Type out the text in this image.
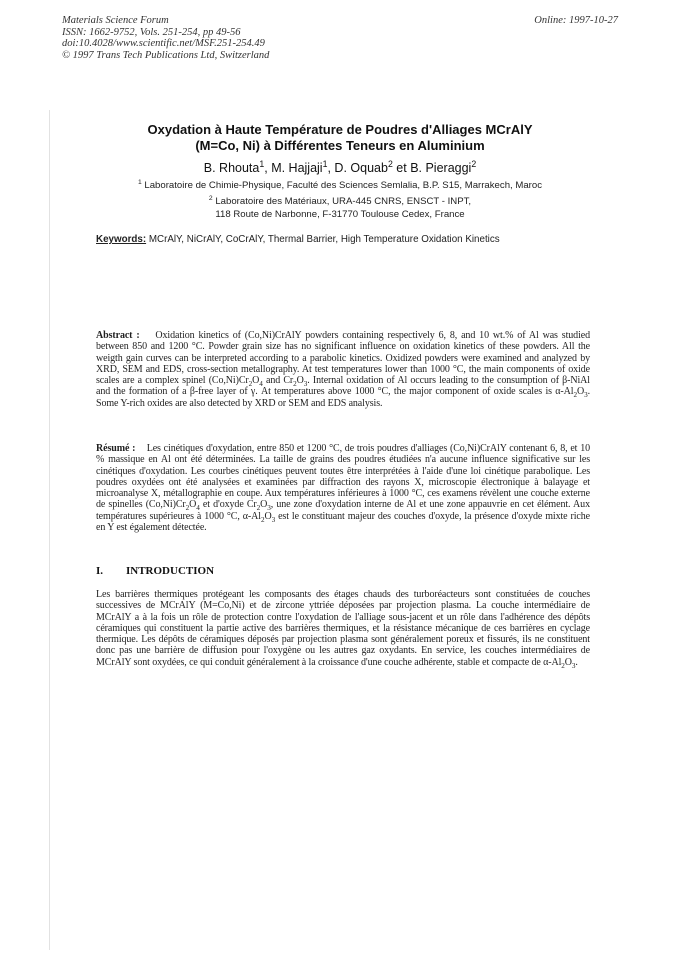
Materials Science Forum
ISSN: 1662-9752, Vols. 251-254, pp 49-56
doi:10.4028/www.scientific.net/MSF.251-254.49
© 1997 Trans Tech Publications Ltd, Switzerland
Online: 1997-10-27
Oxydation à Haute Température de Poudres d'Alliages MCrAlY
(M=Co, Ni) à Différentes Teneurs en Aluminium
B. Rhouta$^1$, M. Hajjaji$^1$, D. Oquab$^2$ et B. Pieraggi$^2$
$^1$ Laboratoire de Chimie-Physique, Faculté des Sciences Semlalia, B.P. S15, Marrakech, Maroc
$^2$ Laboratoire des Matériaux, URA-445 CNRS, ENSCT - INPT,
118 Route de Narbonne, F-31770 Toulouse Cedex, France
Keywords: MCrAlY, NiCrAlY, CoCrAlY, Thermal Barrier, High Temperature Oxidation Kinetics
Abstract : Oxidation kinetics of (Co,Ni)CrAlY powders containing respectively 6, 8, and 10 wt.% of Al was studied between 850 and 1200 °C. Powder grain size has no significant influence on oxidation kinetics of these powders. All the weigth gain curves can be interpreted according to a parabolic kinetics. Oxidized powders were examined and analyzed by XRD, SEM and EDS, cross-section metallography. At test temperatures lower than 1000 °C, the main components of oxide scales are a complex spinel $(Co,Ni)Cr_2O_4$ and $Cr_2O_3$. Internal oxidation of Al occurs leading to the consumption of β-NiAl and the formation of a β-free layer of γ. At temperatures above 1000 °C, the major component of oxide scales is $\alpha-Al_2O_3$. Some Y-rich oxides are also detected by XRD or SEM and EDS analysis.
Résumé : Les cinétiques d'oxydation, entre 850 et 1200 °C, de trois poudres d'alliages (Co,Ni)CrAlY contenant 6, 8, et 10 % massique en Al ont été déterminées. La taille de grains des poudres étudiées n'a aucune influence significative sur les cinétiques d'oxydation. Les courbes cinétiques peuvent toutes être interprétées à l'aide d'une loi cinétique parabolique. Les poudres oxydées ont été analysées et examinées par diffraction des rayons X, microscopie électronique à balayage et microanalyse X, métallographie en coupe. Aux températures inférieures à 1000 °C, ces examens révèlent une couche externe de spinelles $(Co,Ni)Cr_2O_4$ et d'oxyde $Cr_2O_3$, une zone d'oxydation interne de Al et une zone appauvrie en cet élément. Aux températures supérieures à 1000 °C, $\alpha-Al_2O_3$ est le constituant majeur des couches d'oxyde, la présence d'oxyde mixte riche en Y est également détectée.
I. INTRODUCTION
Les barrières thermiques protégeant les composants des étages chauds des turboréacteurs sont constituées de couches successives de MCrAlY (M=Co,Ni) et de zircone yttriée déposées par projection plasma. La couche intermédiaire de MCrAlY a à la fois un rôle de protection contre l'oxydation de l'alliage sous-jacent et un rôle dans l'adhérence des dépôts céramiques qui constituent la partie active des barrières thermiques, et la résistance mécanique de ces barrières en cyclage thermique. Les dépôts de céramiques déposés par projection plasma sont généralement poreux et fissurés, ils ne constituent donc pas une barrière de diffusion pour l'oxygène ou les autres gaz oxydants. En service, les couches intermédiaires de MCrAlY sont oxydées, ce qui conduit généralement à la croissance d'une couche adhérente, stable et compacte de $\alpha-Al_2O_3$.
